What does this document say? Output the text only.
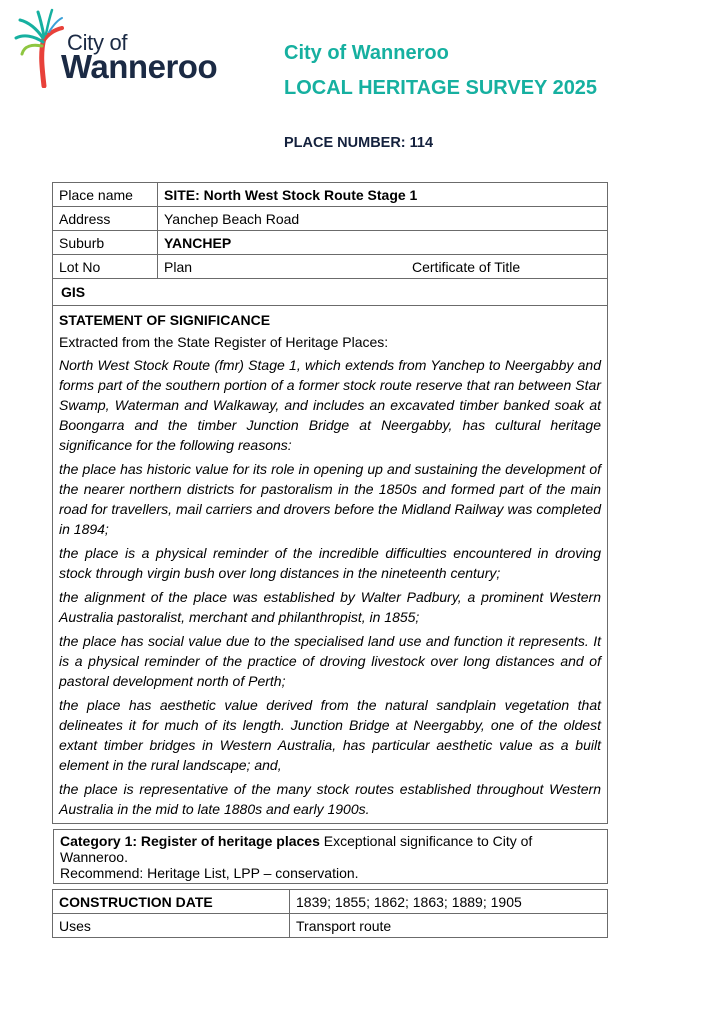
City of
Wanneroo	City of Wanneroo
LOCAL HERITAGE SURVEY 2025
PLACE NUMBER: 114
Place name	SITE: North West Stock Route Stage 1
Address	Yanchep Beach Road
Suburb	YANCHEP
Lot No	Plan Certificate of Title

GIS	

STATEMENT OF SIGNIFICANCE
Extracted from the State Register of Heritage Places:

North West Stock Route (fmr) Stage 1, which extends from Yanchep to Neergabby and forms part of the southern portion of a former stock route reserve that ran between Star Swamp, Waterman and Walkaway, and includes an excavated timber banked soak at Boongarra and the timber Junction Bridge at Neergabby, has cultural heritage significance for the following reasons:

the place has historic value for its role in opening up and sustaining the development of the nearer northern districts for pastoralism in the 1850s and formed part of the main road for travellers, mail carriers and drovers before the Midland Railway was completed in 1894;

the place is a physical reminder of the incredible difficulties encountered in droving stock through virgin bush over long distances in the nineteenth century;

the alignment of the place was established by Walter Padbury, a prominent Western Australia pastoralist, merchant and philanthropist, in 1855;

the place has social value due to the specialised land use and function it represents. It is a physical reminder of the practice of droving livestock over long distances and of pastoral development north of Perth;

the place has aesthetic value derived from the natural sandplain vegetation that delineates it for much of its length. Junction Bridge at Neergabby, one of the oldest extant timber bridges in Western Australia, has particular aesthetic value as a built element in the rural landscape; and,

the place is representative of the many stock routes established throughout Western Australia in the mid to late 1880s and early 1900s.

Category 1: Register of heritage places Exceptional significance to City of Wanneroo.
Recommend: Heritage List, LPP – conservation.
CONSTRUCTION DATE	1839; 1855; 1862; 1863; 1889; 1905
Uses	Transport route
